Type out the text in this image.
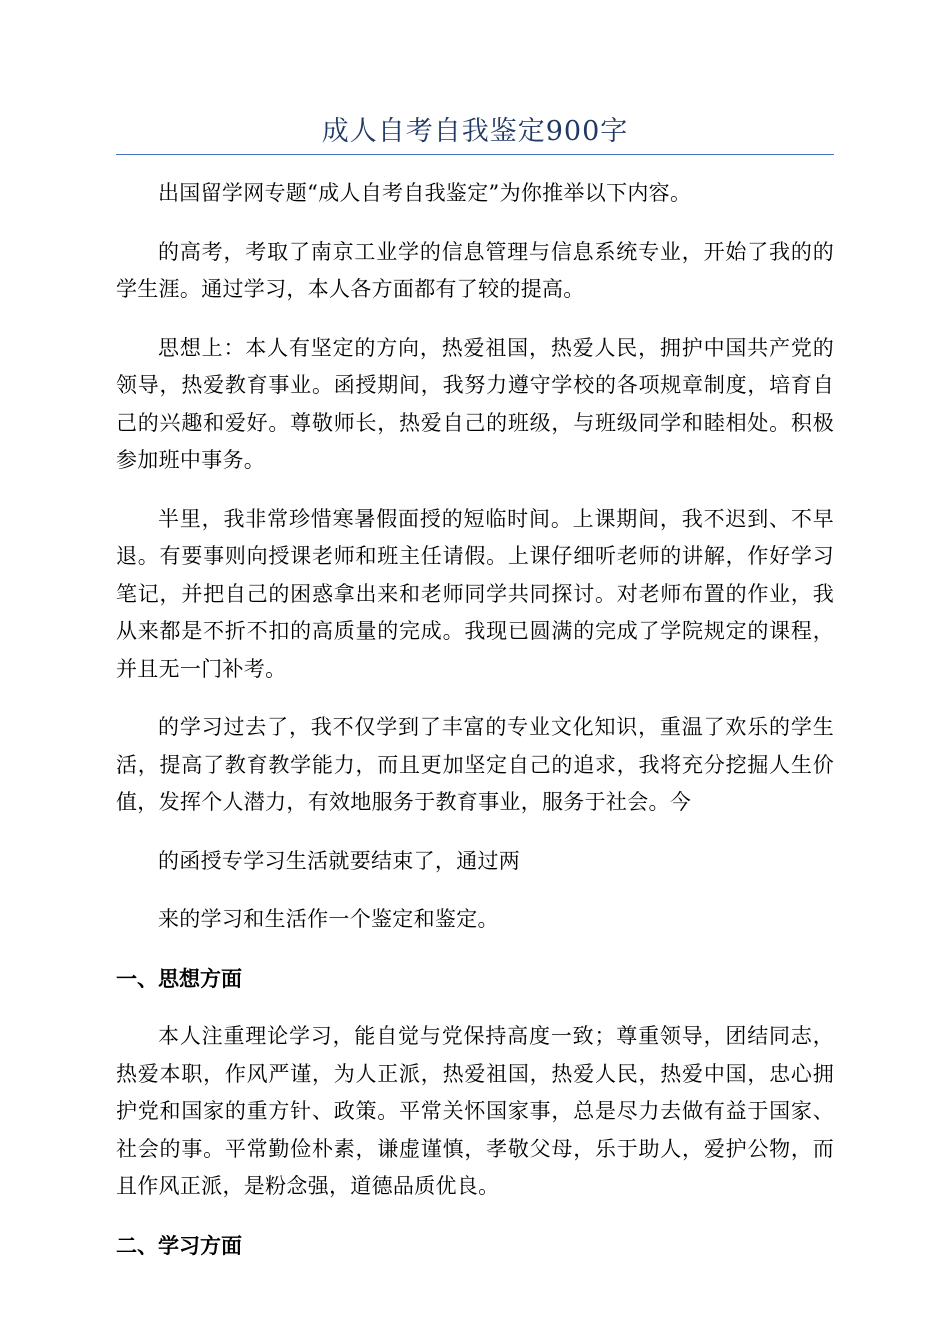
成人自考自我鉴定900字

出国留学网专题“成人自考自我鉴定”为你推举以下内容。

的高考，考取了南京工业学的信息管理与信息系统专业，开始了我的的学生涯。通过学习，本人各方面都有了较的提高。

思想上：本人有坚定的方向，热爱祖国，热爱人民，拥护中国共产党的领导，热爱教育事业。函授期间，我努力遵守学校的各项规章制度，培育自己的兴趣和爱好。尊敬师长，热爱自己的班级，与班级同学和睦相处。积极参加班中事务。

半里，我非常珍惜寒暑假面授的短临时间。上课期间，我不迟到、不早退。有要事则向授课老师和班主任请假。上课仔细听老师的讲解，作好学习笔记，并把自己的困惑拿出来和老师同学共同探讨。对老师布置的作业，我从来都是不折不扣的高质量的完成。我现已圆满的完成了学院规定的课程，并且无一门补考。

的学习过去了，我不仅学到了丰富的专业文化知识，重温了欢乐的学生活，提高了教育教学能力，而且更加坚定自己的追求，我将充分挖掘人生价值，发挥个人潜力，有效地服务于教育事业，服务于社会。今

的函授专学习生活就要结束了，通过两

来的学习和生活作一个鉴定和鉴定。

一、思想方面

本人注重理论学习，能自觉与党保持高度一致；尊重领导，团结同志，热爱本职，作风严谨，为人正派，热爱祖国，热爱人民，热爱中国，忠心拥护党和国家的重方针、政策。平常关怀国家事，总是尽力去做有益于国家、社会的事。平常勤俭朴素，谦虚谨慎，孝敬父母，乐于助人，爱护公物，而且作风正派，是粉念强，道德品质优良。

二、学习方面
